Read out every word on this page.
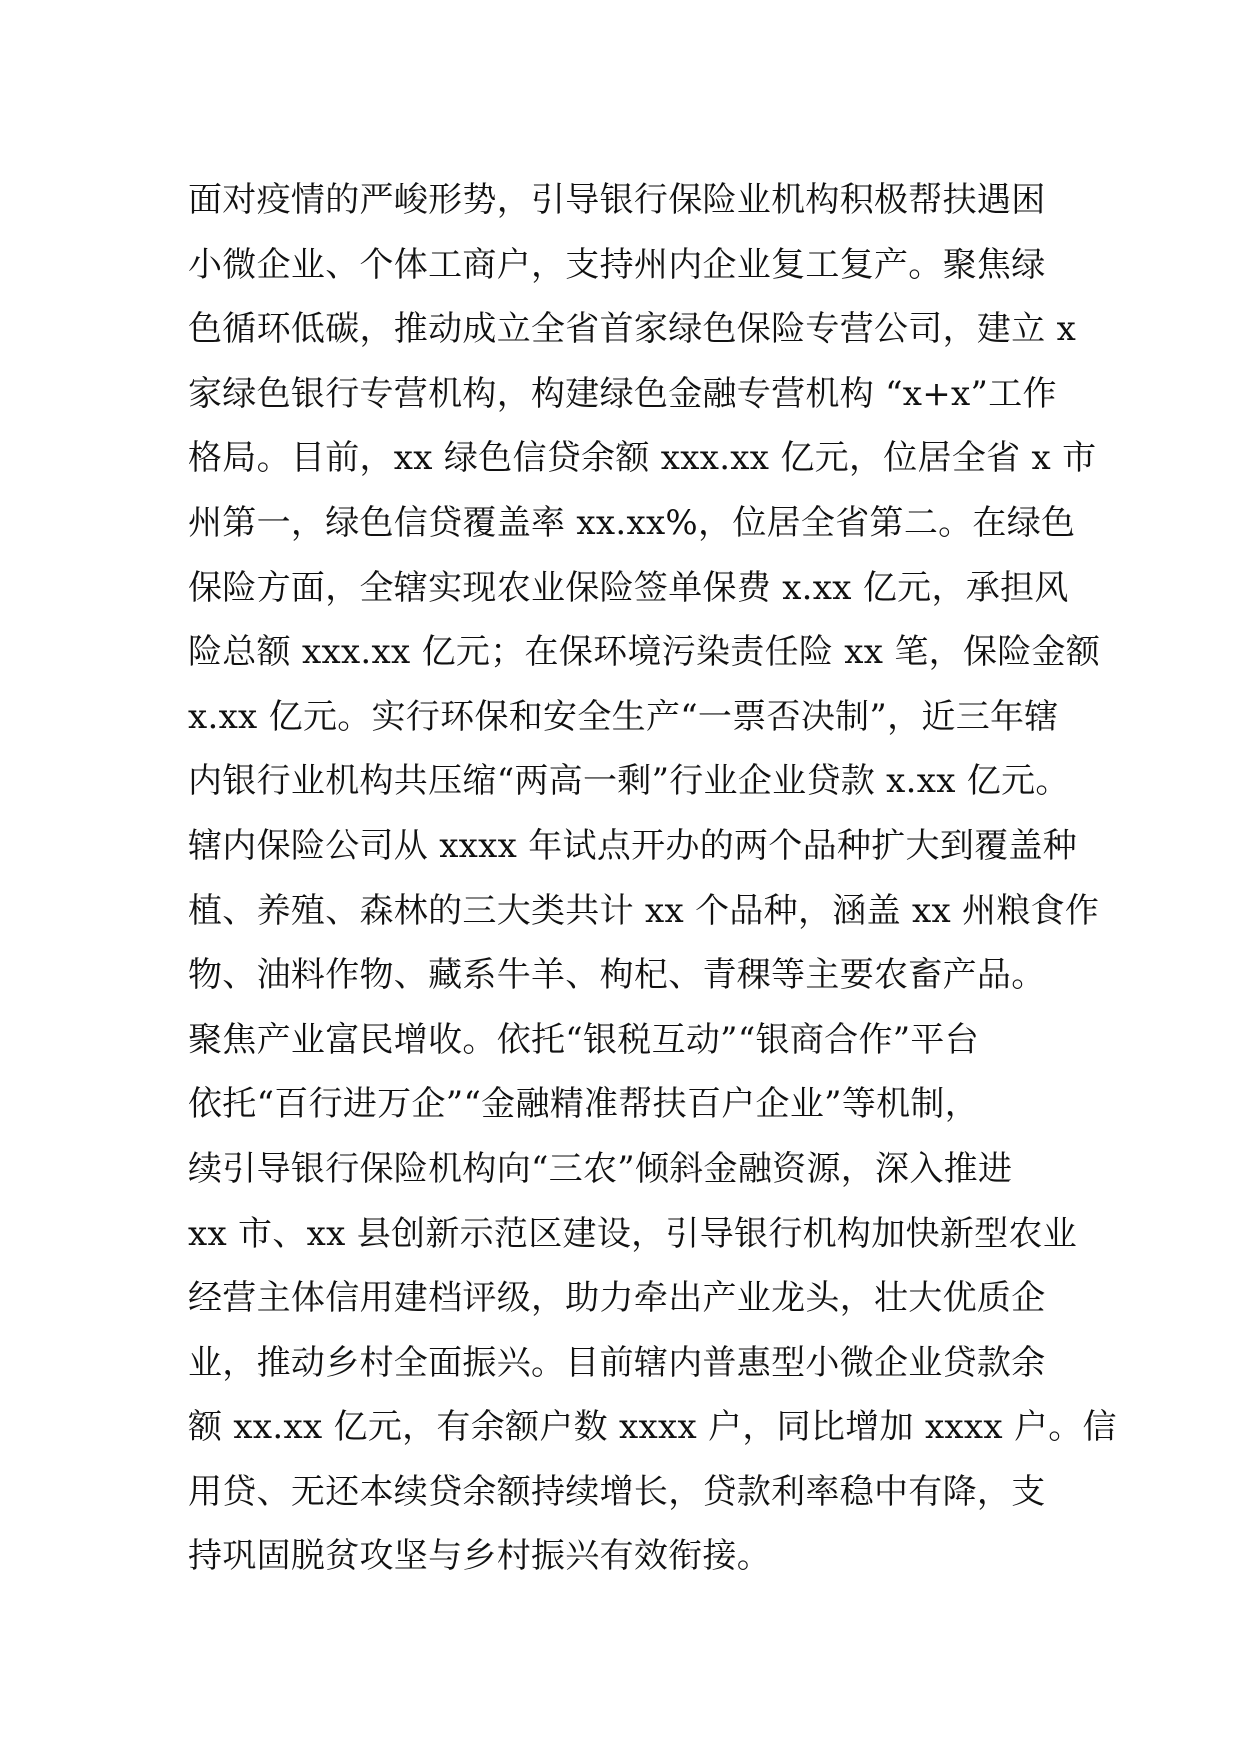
面对疫情的严峻形势，引导银行保险业机构积极帮扶遇困
小微企业、个体工商户，支持州内企业复工复产。聚焦绿
色循环低碳，推动成立全省首家绿色保险专营公司，建立 x
家绿色银行专营机构，构建绿色金融专营机构 “x+x”工作
格局。目前，xx 绿色信贷余额 xxx.xx 亿元，位居全省 x 市
州第一，绿色信贷覆盖率 xx.xx%，位居全省第二。在绿色
保险方面，全辖实现农业保险签单保费 x.xx 亿元，承担风
险总额 xxx.xx 亿元；在保环境污染责任险 xx 笔，保险金额
x.xx 亿元。实行环保和安全生产“一票否决制”，近三年辖
内银行业机构共压缩“两高一剩”行业企业贷款 x.xx 亿元。
辖内保险公司从 xxxx 年试点开办的两个品种扩大到覆盖种
植、养殖、森林的三大类共计 xx 个品种，涵盖 xx 州粮食作
物、油料作物、藏系牛羊、枸杞、青稞等主要农畜产品。
聚焦产业富民增收。依托“银税互动”“银商合作”平台
依托“百行进万企”“金融精准帮扶百户企业”等机制，
续引导银行保险机构向“三农”倾斜金融资源，深入推进
xx 市、xx 县创新示范区建设，引导银行机构加快新型农业
经营主体信用建档评级，助力牵出产业龙头，壮大优质企
业，推动乡村全面振兴。目前辖内普惠型小微企业贷款余
额 xx.xx 亿元，有余额户数 xxxx 户，同比增加 xxxx 户。信
用贷、无还本续贷余额持续增长，贷款利率稳中有降，支
持巩固脱贫攻坚与乡村振兴有效衔接。
